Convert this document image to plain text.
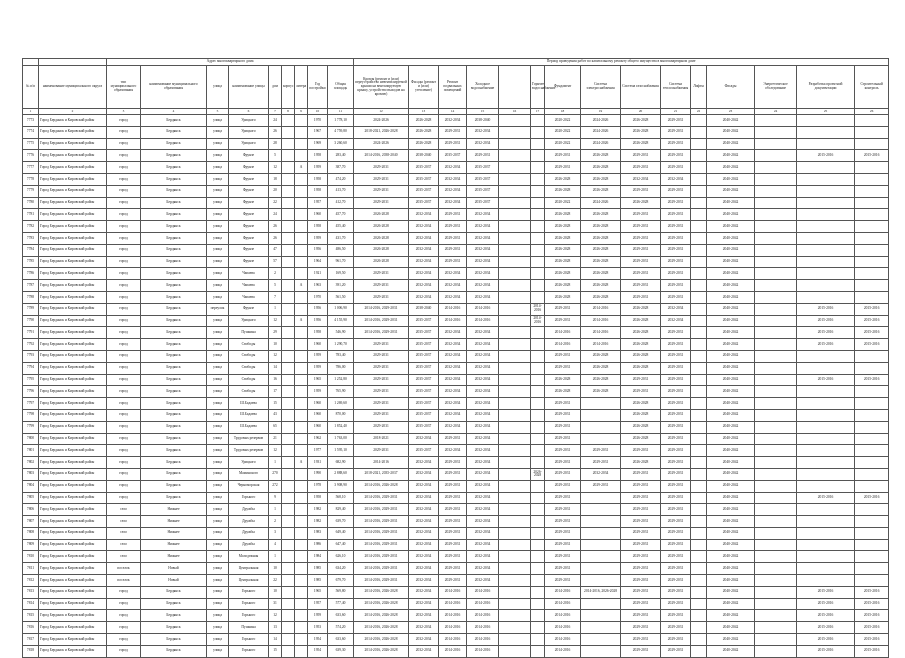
		Адрес многоквартирного дома									Период проведения работ по капитальному ремонту общего имущества в многоквартирном доме														
№ п/п	наименование муниципального округа	тип муниципального образования	наименование муниципального образования	улица	наименование улицы	дом	корпус	литера	Год постройки	Общая площадь	Кровля (ремонт и (или) переустройство невентилируемой крыши на вентилируемую крышу, устройство выходов на кровлю)	Фасады (ремонт и (или) утепление)	Ремонт подвальных помещений	Холодное водоснабжение		Горячее водоснабжение	Фундамент	Система электроснабжения	Система газоснабжения	Система теплоснабжения	Лифты	Фасады	Энергетическое обследование	Разработка проектной документации	Строительный контроль
1	2	3	4	5	6	7	8	9	10	11	12	13	14	15	16	17	18	19	20	21	22	23	24	25	26
7773	Город Бердянск и Кировский район	город	Бердянск	улица	Урицкого	24			1970	1 778,10	2024-2026	2026-2028	2032-2034	2038-2040			2020-2022	2024-2026	2026-2028	2029-2031		2040-2042			
7774	Город Бердянск и Кировский район	город	Бердянск	улица	Урицкого	26			1967	4 759,80	2018-2021, 2026-2028	2026-2028	2029-2031	2032-2034			2020-2022	2024-2026	2026-2028	2029-2031		2040-2042			
7775	Город Бердянск и Кировский район	город	Бердянск	улица	Урицкого	28			1969	3 260,60	2024-2026	2026-2028	2029-2031	2032-2034			2020-2022	2024-2026	2026-2028	2029-2031		2040-2042			
7776	Город Бердянск и Кировский район	город	Бердянск	улица	Фрунзе	5			1958	283,40	2014-2016, 2038-2040	2038-2040	2035-2037	2029-2031			2029-2031	2026-2028	2029-2031	2029-2031		2040-2042		2015-2016	2015-2016
7777	Город Бердянск и Кировский район	город	Бердянск	улица	Фрунзе	12		А	1959	387,70	2029-2031	2035-2037	2032-2034	2035-2037			2029-2031	2026-2028	2029-2031	2029-2031		2040-2042			
7778	Город Бердянск и Кировский район	город	Бердянск	улица	Фрунзе	18			1958	474,20	2029-2031	2035-2037	2032-2034	2035-2037			2026-2028	2026-2028	2032-2034	2032-2034		2040-2042			
7779	Город Бердянск и Кировский район	город	Бердянск	улица	Фрунзе	20			1958	413,70	2029-2031	2035-2037	2032-2034	2035-2037			2026-2028	2026-2028	2029-2031	2029-2031		2040-2042			
7780	Город Бердянск и Кировский район	город	Бердянск	улица	Фрунзе	22			1957	412,70	2029-2031	2035-2037	2032-2034	2035-2037			2020-2022	2024-2026	2026-2028	2029-2031		2040-2042			
7781	Город Бердянск и Кировский район	город	Бердянск	улица	Фрунзе	24			1960	457,70	2026-2028	2032-2034	2029-2031	2032-2034			2026-2028	2026-2028	2029-2031	2029-2031		2040-2042			
7782	Город Бердянск и Кировский район	город	Бердянск	улица	Фрунзе	26			1958	455,40	2026-2028	2032-2034	2029-2031	2032-2034			2026-2028	2026-2028	2029-2031	2029-2031		2040-2042			
7783	Город Бердянск и Кировский район	город	Бердянск	улица	Фрунзе	26			1959	431,70	2026-2028	2032-2034	2029-2031	2032-2034			2026-2028	2026-2028	2029-2031	2029-2031		2040-2042			
7784	Город Бердянск и Кировский район	город	Бердянск	улица	Фрунзе	47			1956	486,50	2026-2028	2032-2034	2029-2031	2032-2034			2026-2028	2026-2028	2029-2031	2029-2031		2040-2042			
7785	Город Бердянск и Кировский район	город	Бердянск	улица	Фрунзе	57			1964	961,70	2026-2028	2032-2034	2029-2031	2032-2034			2026-2028	2026-2028	2029-2031	2029-2031		2040-2042			
7786	Город Бердянск и Кировский район	город	Бердянск	улица	Чапаева	2			1921	169,50	2029-2031	2032-2034	2032-2034	2032-2034			2026-2028	2026-2028	2029-2031	2029-2031		2040-2042			
7787	Город Бердянск и Кировский район	город	Бердянск	улица	Чапаева	5		А	1963	391,20	2029-2031	2032-2034	2032-2034	2032-2034			2026-2028	2026-2028	2029-2031	2029-2031		2040-2042			
7788	Город Бердянск и Кировский район	город	Бердянск	улица	Чапаева	7			1970	561,50	2029-2031	2032-2034	2032-2034	2032-2034			2026-2028	2026-2028	2029-2031	2029-2031		2040-2042			
7789	Город Бердянск и Кировский район	город	Бердянск	переулок	Фрунзе	1			1956	1 006,90	2014-2016, 2029-2031	2038-2040	2014-2016	2014-2016		2014-2016	2029-2031	2014-2016	2026-2028	2032-2034		2040-2042		2015-2016	2015-2016
7790	Город Бердянск и Кировский район	город	Бердянск	улица	Урицкого	12		А	1956	4 155,90	2014-2016, 2029-2031	2035-2037	2014-2016	2014-2016		2014-2016	2029-2031	2014-2016	2026-2028	2032-2034		2040-2042		2015-2016	2015-2016
7791	Город Бердянск и Кировский район	город	Бердянск	улица	Пушкина	29			1958	546,90	2014-2016, 2029-2031	2035-2037	2032-2034	2032-2034			2014-2016	2014-2016	2026-2028	2029-2031		2040-2042		2015-2016	2015-2016
7792	Город Бердянск и Кировский район	город	Бердянск	улица	Свободы	10			1960	1 290,70	2029-2031	2035-2037	2032-2034	2032-2034			2014-2016	2014-2016	2026-2028	2029-2031		2040-2042		2015-2016	2015-2016
7793	Город Бердянск и Кировский район	город	Бердянск	улица	Свободы	12			1959	783,40	2029-2031	2035-2037	2032-2034	2032-2034			2029-2031	2026-2028	2026-2028	2029-2031		2040-2042			
7794	Город Бердянск и Кировский район	город	Бердянск	улица	Свободы	14			1959	786,00	2029-2031	2035-2037	2032-2034	2032-2034			2029-2031	2026-2028	2026-2028	2029-2031		2040-2042			
7795	Город Бердянск и Кировский район	город	Бердянск	улица	Свободы	16			1965	1 252,80	2029-2031	2035-2037	2032-2034	2032-2034			2026-2028	2026-2028	2029-2031	2029-2031		2040-2042		2015-2016	2015-2016
7796	Город Бердянск и Кировский район	город	Бердянск	улица	Свободы	17			1959	765,90	2029-2031	2035-2037	2032-2034	2032-2034			2026-2028	2026-2028	2029-2031	2029-2031		2040-2042			
7797	Город Бердянск и Кировский район	город	Бердянск	улица	Ш.Бадаева	15			1960	1 269,60	2029-2031	2035-2037	2032-2034	2032-2034			2029-2031		2026-2028	2029-2031		2040-2042			
7798	Город Бердянск и Кировский район	город	Бердянск	улица	Ш.Бадаева	43			1960	870,00	2029-2031	2035-2037	2032-2034	2032-2034			2029-2031		2026-2028	2029-2031		2040-2042			
7799	Город Бердянск и Кировский район	город	Бердянск	улица	Ш.Бадаева	65			1960	1 852,40	2029-2031	2035-2037	2032-2034	2032-2034			2029-2031		2026-2028	2029-2031		2040-2042			
7800	Город Бердянск и Кировский район	город	Бердянск	улица	Трудовых резервов	21			1962	1 763,00	2018-2021	2032-2034	2029-2031	2032-2034			2029-2031		2026-2028	2029-2031		2040-2042			
7801	Город Бердянск и Кировский район	город	Бердянск	улица	Трудовых резервов	12			1977	1 595,10	2029-2031	2035-2037	2032-2034	2032-2034			2029-2031	2029-2031	2029-2031	2029-2031		2040-2042			
7802	Город Бердянск и Кировский район	город	Бердянск	улица	Урицкого	1		А	1931	682,90	2014-2016	2032-2034	2029-2031	2032-2034			2029-2031	2029-2031	2026-2028	2029-2031		2040-2042			
7803	Город Бердянск и Кировский район	город	Бердянск	улица	Маминского	270			1990	2 888,60	2018-2021, 2035-2037	2032-2034	2029-2031	2032-2034		2026-2028	2029-2031	2032-2034	2029-2031	2029-2031		2040-2042			
7804	Город Бердянск и Кировский район	город	Бердянск	улица	Черноморская	272			1978	3 908,90	2014-2016, 2026-2028	2032-2034	2029-2031	2032-2034			2029-2031	2029-2031	2029-2031	2029-2031		2040-2042			
7805	Город Бердянск и Кировский район	город	Бердянск	улица	Горького	9			1958	568,10	2014-2016, 2029-2031	2032-2034	2029-2031	2032-2034			2029-2031		2029-2031	2029-2031		2040-2042		2015-2016	2015-2016
7806	Город Бердянск и Кировский район	село	Нижнее	улица	Дружбы	1			1982	829,40	2014-2016, 2029-2031	2032-2034	2029-2031	2032-2034			2029-2031		2029-2031	2029-2031		2040-2042			
7807	Город Бердянск и Кировский район	село	Нижнее	улица	Дружбы	2			1982	639,70	2014-2016, 2029-2031	2032-2034	2029-2031	2032-2034			2029-2031		2029-2031	2029-2031		2040-2042			
7808	Город Бердянск и Кировский район	село	Нижнее	улица	Дружбы	3			1983	649,40	2014-2016, 2029-2031	2032-2034	2029-2031	2032-2034			2029-2031		2029-2031	2029-2031		2040-2042			
7809	Город Бердянск и Кировский район	село	Нижнее	улица	Дружбы	4			1986	647,40	2014-2016, 2029-2031	2032-2034	2029-2031	2032-2034			2029-2031		2029-2031	2029-2031		2040-2042			
7810	Город Бердянск и Кировский район	село	Нижнее	улица	Молодежная	1			1984	626,10	2014-2016, 2029-2031	2032-2034	2029-2031	2032-2034			2029-2031		2029-2031	2029-2031		2040-2042			
7811	Город Бердянск и Кировский район	поселок	Новый	улица	Центральная	10			1985	634,20	2014-2016, 2029-2031	2032-2034	2029-2031	2032-2034			2029-2031		2029-2031	2029-2031		2040-2042			
7812	Город Бердянск и Кировский район	поселок	Новый	улица	Центральная	22			1985	679,70	2014-2016, 2029-2031	2032-2034	2029-2031	2032-2034			2029-2031		2029-2031	2029-2031		2040-2042			
7813	Город Бердянск и Кировский район	город	Бердянск	улица	Горького	10			1965	569,80	2014-2016, 2026-2028	2032-2034	2014-2016	2014-2016			2014-2016	2014-2016, 2026-2028	2029-2031	2029-2031		2040-2042		2015-2016	2015-2016
7814	Город Бердянск и Кировский район	город	Бердянск	улица	Горького	31			1957	577,40	2014-2016, 2026-2028	2032-2034	2014-2016	2014-2016			2014-2016		2029-2031	2029-2031		2040-2042		2015-2016	2015-2016
7815	Город Бердянск и Кировский район	город	Бердянск	улица	Горького	12			1959	633,60	2014-2016, 2026-2028	2032-2034	2014-2016	2014-2016			2014-2016		2029-2031	2029-2031		2040-2042		2015-2016	2015-2016
7816	Город Бердянск и Кировский район	город	Бердянск	улица	Пушкина	13			1953	574,20	2014-2016, 2026-2028	2032-2034	2014-2016	2014-2016			2014-2016		2029-2031	2029-2031		2040-2042		2015-2016	2015-2016
7817	Город Бердянск и Кировский район	город	Бердянск	улица	Горького	14			1954	633,60	2014-2016, 2026-2028	2032-2034	2014-2016	2014-2016			2014-2016		2029-2031	2029-2031		2040-2042		2015-2016	2015-2016
7818	Город Бердянск и Кировский район	город	Бердянск	улица	Горького	15			1954	639,30	2014-2016, 2026-2028	2032-2034	2014-2016	2014-2016			2014-2016		2029-2031	2029-2031		2040-2042		2015-2016	2015-2016
